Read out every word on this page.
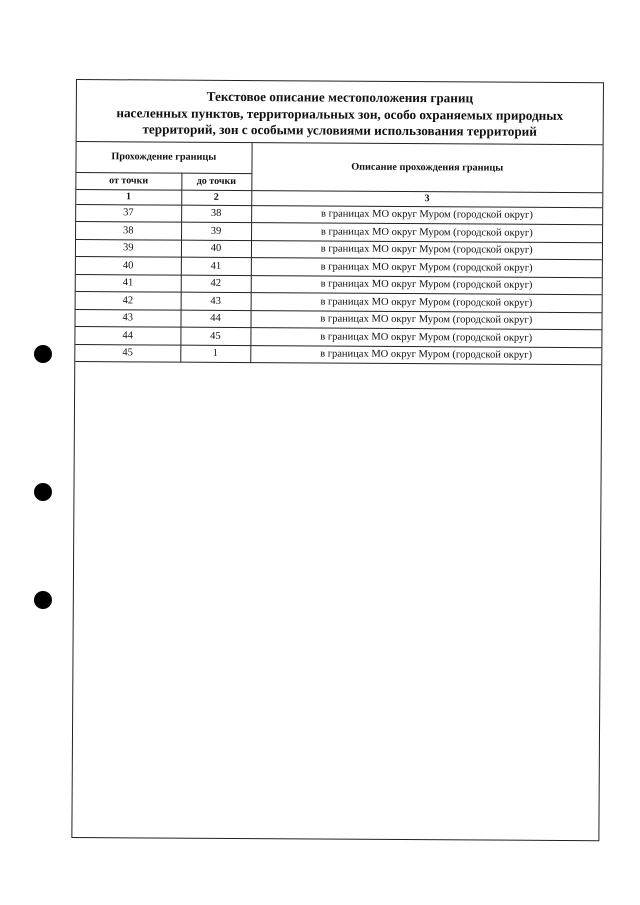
Текстовое описание местоположения границ
населенных пунктов, территориальных зон, особо охраняемых природных
территорий, зон с особыми условиями использования территорий
Прохождение границы		Описание прохождения границы
от точки	до точки	
1	2	3
37	38	в границах МО округ Муром (городской округ)
38	39	в границах МО округ Муром (городской округ)
39	40	в границах МО округ Муром (городской округ)
40	41	в границах МО округ Муром (городской округ)
41	42	в границах МО округ Муром (городской округ)
42	43	в границах МО округ Муром (городской округ)
43	44	в границах МО округ Муром (городской округ)
44	45	в границах МО округ Муром (городской округ)
45	1	в границах МО округ Муром (городской округ)
